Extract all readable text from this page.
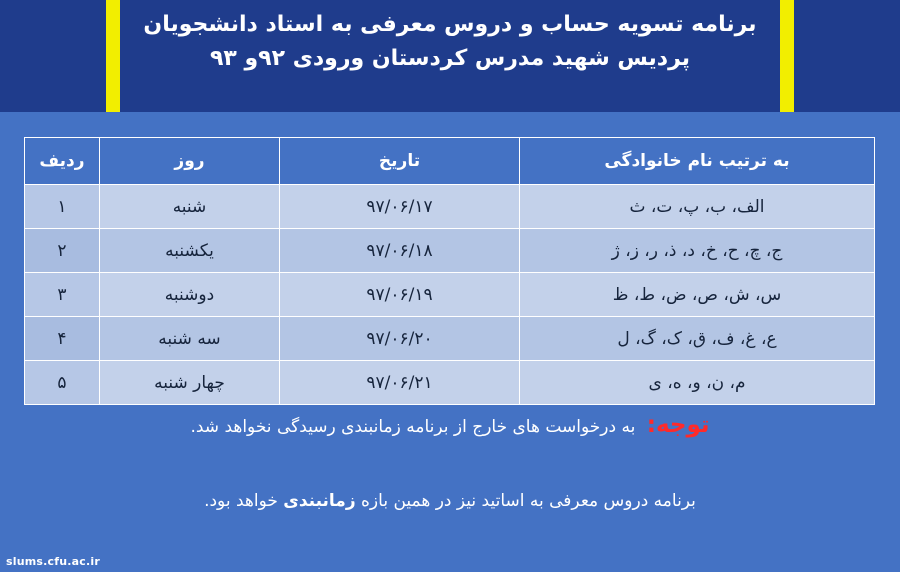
برنامه تسویه حساب و دروس معرفی به استاد دانشجویان
پردیس شهید مدرس کردستان ورودی ۹۲و ۹۳
به ترتیب نام خانوادگی	تاریخ	روز	ردیف
الف، ب، پ، ت، ث	۹۷/۰۶/۱۷	شنبه	۱
ج، چ، ح، خ، د، ذ، ر، ز، ژ	۹۷/۰۶/۱۸	یکشنبه	۲
س، ش، ص، ض، ط، ظ	۹۷/۰۶/۱۹	دوشنبه	۳
ع، غ، ف، ق، ک، گ، ل	۹۷/۰۶/۲۰	سه شنبه	۴
م، ن، و، ه، ی	۹۷/۰۶/۲۱	چهار شنبه	۵
توجه: به درخواست های خارج از برنامه زمانبندی رسیدگی نخواهد شد.
برنامه دروس معرفی به اساتید نیز در همین بازه زمانبندی خواهد بود.
slums.cfu.ac.ir
